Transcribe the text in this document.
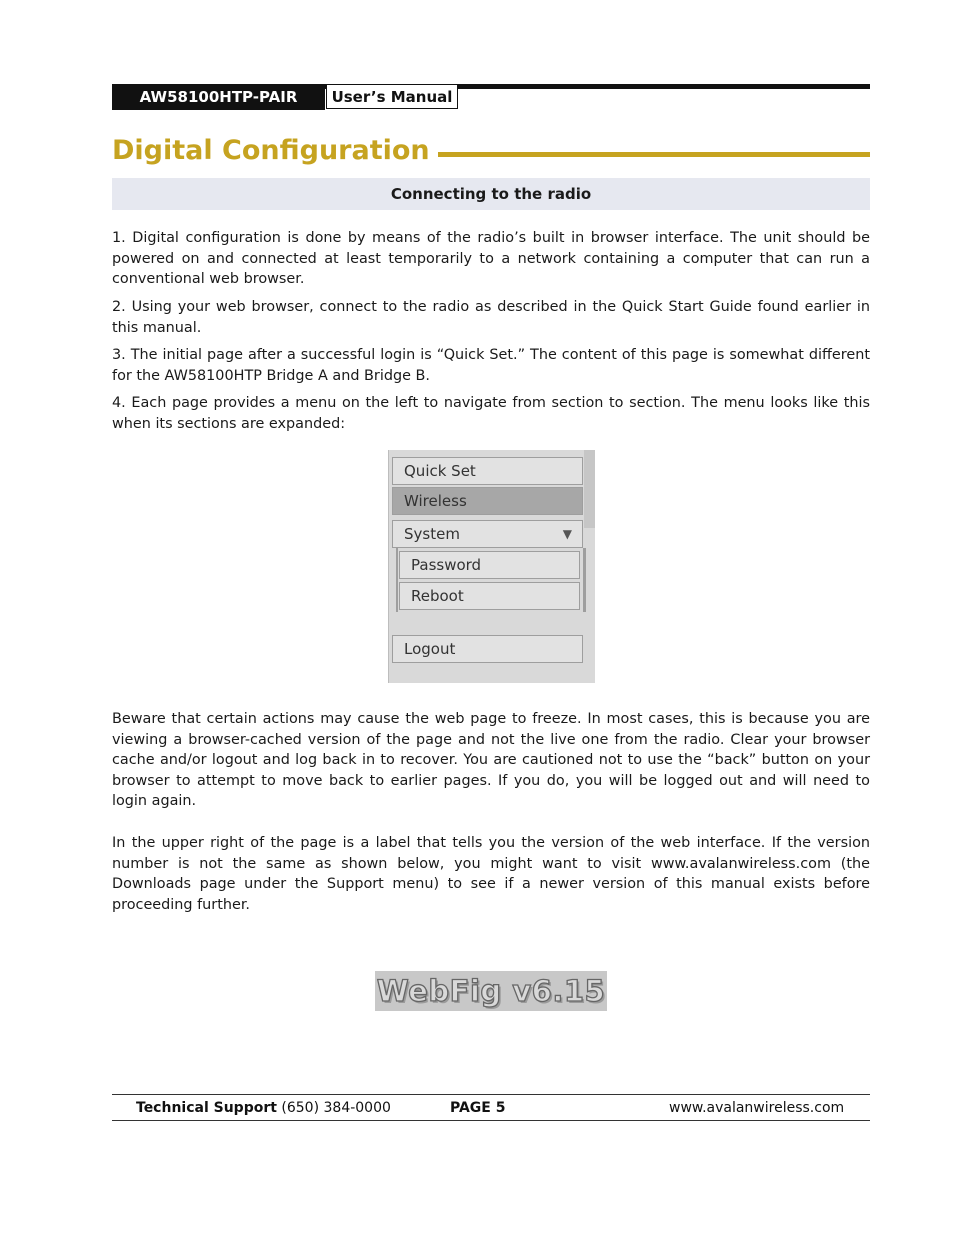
AW58100HTP-PAIR	User’s Manual
Digital Configuration
Connecting to the radio

1. Digital configuration is done by means of the radio’s built in browser interface. The unit should be powered on and connected at least temporarily to a network containing a computer that can run a conventional web browser.

2. Using your web browser, connect to the radio as described in the Quick Start Guide found earlier in this manual.

3. The initial page after a successful login is “Quick Set.” The content of this page is somewhat different for the AW58100HTP Bridge A and Bridge B.

4. Each page provides a menu on the left to navigate from section to section. The menu looks like this when its sections are expanded:

Quick Set
Wireless
System	▼
Password
Reboot
Logout

Beware that certain actions may cause the web page to freeze. In most cases, this is because you are viewing a browser-cached version of the page and not the live one from the radio. Clear your browser cache and/or logout and log back in to recover. You are cautioned not to use the “back” button on your browser to attempt to move back to earlier pages. If you do, you will be logged out and will need to login again.

In the upper right of the page is a label that tells you the version of the web interface. If the version number is not the same as shown below, you might want to visit www.avalanwireless.com (the Downloads page under the Support menu) to see if a newer version of this manual exists before proceeding further.

WebFig v6.15
Technical Support (650) 384-0000	PAGE 5	www.avalanwireless.com
